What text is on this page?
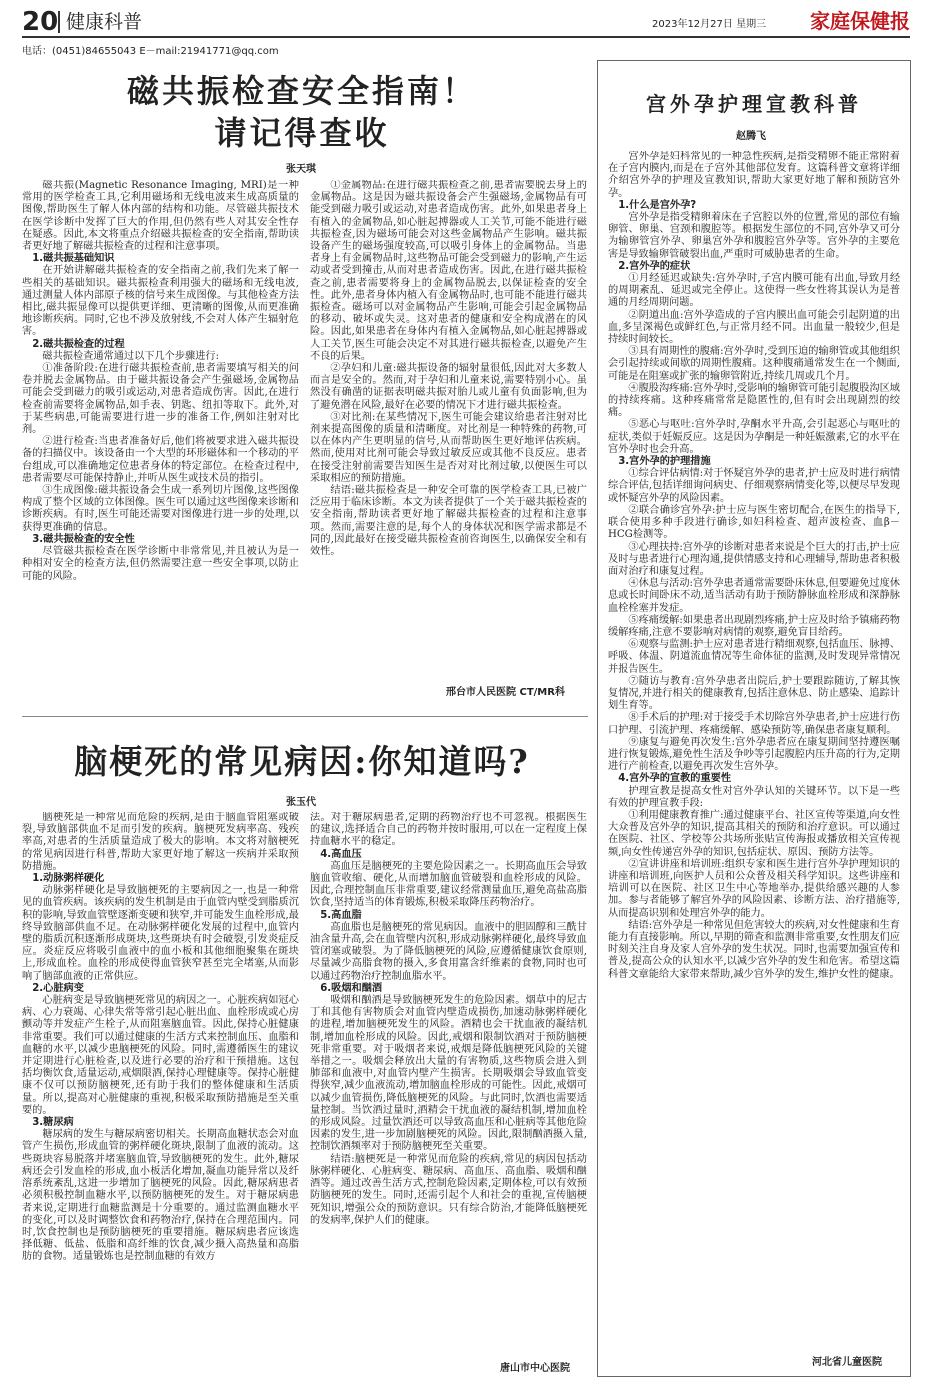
20 健康科普	2023年12月27日 星期三 家庭保健报
电话：(0451)84655043 E－mail:21941771@qq.com
磁共振检查安全指南！
请记得查收
张天琪

磁共振(Magnetic Resonance Imaging, MRI)是一种常用的医学检查工具,它利用磁场和无线电波来生成高质量的图像,帮助医生了解人体内部的结构和功能。尽管磁共振技术在医学诊断中发挥了巨大的作用,但仍然有些人对其安全性存在疑惑。因此,本文将重点介绍磁共振检查的安全指南,帮助读者更好地了解磁共振检查的过程和注意事项。

1.磁共振基础知识

在开始讲解磁共振检查的安全指南之前,我们先来了解一些相关的基础知识。磁共振检查利用强大的磁场和无线电波,通过测量人体内部原子核的信号来生成图像。与其他检查方法相比,磁共振显像可以提供更详细、更清晰的图像,从而更准确地诊断疾病。同时,它也不涉及放射线,不会对人体产生辐射危害。

2.磁共振检查的过程

磁共振检查通常通过以下几个步骤进行:

①准备阶段:在进行磁共振检查前,患者需要填写相关的问卷并脱去金属物品。由于磁共振设备会产生强磁场,金属物品可能会受到磁力的吸引或运动,对患者造成伤害。因此,在进行检查前需要将金属物品,如手表、钥匙、纽扣等取下。此外,对于某些病患,可能需要进行进一步的准备工作,例如注射对比剂。

②进行检查:当患者准备好后,他们将被要求进入磁共振设备的扫描仪中。该设备由一个大型的环形磁体和一个移动的平台组成,可以准确地定位患者身体的特定部位。在检查过程中,患者需要尽可能保持静止,并听从医生或技术员的指引。

③生成图像:磁共振设备会生成一系列切片图像,这些图像构成了整个区域的立体图像。医生可以通过这些图像来诊断和诊断疾病。有时,医生可能还需要对图像进行进一步的处理,以获得更准确的信息。

3.磁共振检查的安全性

尽管磁共振检查在医学诊断中非常常见,并且被认为是一种相对安全的检查方法,但仍然需要注意一些安全事项,以防止可能的风险。

①金属物品:在进行磁共振检查之前,患者需要脱去身上的金属物品。这是因为磁共振设备会产生强磁场,金属物品有可能受到磁力吸引或运动,对患者造成伤害。此外,如果患者身上有植入的金属物品,如心脏起搏器或人工关节,可能不能进行磁共振检查,因为磁场可能会对这些金属物品产生影响。磁共振设备产生的磁场强度较高,可以吸引身体上的金属物品。当患者身上有金属物品时,这些物品可能会受到磁力的影响,产生运动或者受到撞击,从而对患者造成伤害。因此,在进行磁共振检查之前,患者需要将身上的金属物品脱去,以保证检查的安全性。此外,患者身体内植入有金属物品时,也可能不能进行磁共振检查。磁场可以对金属物品产生影响,可能会引起金属物品的移动、破坏或失灵。这对患者的健康和安全构成潜在的风险。因此,如果患者在身体内有植入金属物品,如心脏起搏器或人工关节,医生可能会决定不对其进行磁共振检查,以避免产生不良的后果。

②孕妇和儿童:磁共振设备的辐射量很低,因此对大多数人而言是安全的。然而,对于孕妇和儿童来说,需要特别小心。虽然没有确凿的证据表明磁共振对胎儿或儿童有负面影响,但为了避免潜在风险,最好在必要的情况下才进行磁共振检查。

③对比剂:在某些情况下,医生可能会建议给患者注射对比剂来提高图像的质量和清晰度。对比剂是一种特殊的药物,可以在体内产生更明显的信号,从而帮助医生更好地评估疾病。然而,使用对比剂可能会导致过敏反应或其他不良反应。患者在接受注射前需要告知医生是否对对比剂过敏,以便医生可以采取相应的预防措施。

结语:磁共振检查是一种安全可靠的医学检查工具,已被广泛应用于临床诊断。本文为读者提供了一个关于磁共振检查的安全指南,帮助读者更好地了解磁共振检查的过程和注意事项。然而,需要注意的是,每个人的身体状况和医学需求都是不同的,因此最好在接受磁共振检查前咨询医生,以确保安全和有效性。

邢台市人民医院 CT/MR科
脑梗死的常见病因:你知道吗?
张玉代

脑梗死是一种常见而危险的疾病,是由于脑血管阻塞或破裂,导致脑部供血不足而引发的疾病。脑梗死发病率高、残疾率高,对患者的生活质量造成了极大的影响。本文将对脑梗死的常见病因进行科普,帮助大家更好地了解这一疾病并采取预防措施。

1.动脉粥样硬化

动脉粥样硬化是导致脑梗死的主要病因之一,也是一种常见的血管疾病。该疾病的发生机制是由于血管内壁受到脂质沉积的影响,导致血管壁逐渐变硬和狭窄,并可能发生血栓形成,最终导致脑部供血不足。在动脉粥样硬化发展的过程中,血管内壁的脂质沉积逐渐形成斑块,这些斑块有时会破裂,引发炎症反应。炎症反应将吸引血液中的血小板和其他细胞聚集在斑块上,形成血栓。血栓的形成使得血管狭窄甚至完全堵塞,从而影响了脑部血液的正常供应。

2.心脏病变

心脏病变是导致脑梗死常见的病因之一。心脏疾病如冠心病、心力衰竭、心律失常等常引起心脏出血、血栓形成或心房颤动等并发症产生栓子,从而阻塞脑血管。因此,保持心脏健康非常重要。我们可以通过健康的生活方式来控制血压、血脂和血糖的水平,以减少患脑梗死的风险。同时,需遵循医生的建议并定期进行心脏检查,以及进行必要的治疗和干预措施。这包括均衡饮食,适量运动,戒烟限酒,保持心理健康等。保持心脏健康不仅可以预防脑梗死,还有助于我们的整体健康和生活质量。所以,提高对心脏健康的重视,积极采取预防措施是至关重要的。

3.糖尿病

糖尿病的发生与糖尿病密切相关。长期高血糖状态会对血管产生损伤,形成血管的粥样硬化斑块,限制了血液的流动。这些斑块容易脱落并堵塞脑血管,导致脑梗死的发生。此外,糖尿病还会引发血栓的形成,血小板活化增加,凝血功能异常以及纤溶系统紊乱,这进一步增加了脑梗死的风险。因此,糖尿病患者必须积极控制血糖水平,以预防脑梗死的发生。对于糖尿病患者来说,定期进行血糖监测是十分重要的。通过监测血糖水平的变化,可以及时调整饮食和药物治疗,保持在合理范围内。同时,饮食控制也是预防脑梗死的重要措施。糖尿病患者应该选择低糖、低盐、低脂和高纤维的饮食,减少摄入高热量和高脂肪的食物。适量锻炼也是控制血糖的有效方

法。对于糖尿病患者,定期的药物治疗也不可忽视。根据医生的建议,选择适合自己的药物并按时服用,可以在一定程度上保持血糖水平的稳定。

4.高血压

高血压是脑梗死的主要危险因素之一。长期高血压会导致脑血管收缩、硬化,从而增加脑血管破裂和血栓形成的风险。因此,合理控制血压非常重要,建议经常测量血压,避免高盐高脂饮食,坚持适当的体育锻炼,积极采取降压药物治疗。

5.高血脂

高血脂也是脑梗死的常见病因。血液中的胆固醇和三酰甘油含量升高,会在血管壁内沉积,形成动脉粥样硬化,最终导致血管闭塞或破裂。为了降低脑梗死的风险,应遵循健康饮食原则,尽量减少高脂食物的摄入,多食用富含纤维素的食物,同时也可以通过药物治疗控制血脂水平。

6.吸烟和酗酒

吸烟和酗酒是导致脑梗死发生的危险因素。烟草中的尼古丁和其他有害物质会对血管内壁造成损伤,加速动脉粥样硬化的进程,增加脑梗死发生的风险。酒精也会干扰血液的凝结机制,增加血栓形成的风险。因此,戒烟和限制饮酒对于预防脑梗死非常重要。对于吸烟者来说,戒烟是降低脑梗死风险的关键举措之一。吸烟会释放出大量的有害物质,这些物质会进入到肺部和血液中,对血管内壁产生损害。长期吸烟会导致血管变得狭窄,减少血液流动,增加脑血栓形成的可能性。因此,戒烟可以减少血管损伤,降低脑梗死的风险。与此同时,饮酒也需要适量控制。当饮酒过量时,酒精会干扰血液的凝结机制,增加血栓的形成风险。过量饮酒还可以导致高血压和心脏病等其他危险因素的发生,进一步加剧脑梗死的风险。因此,限制酗酒摄入量,控制饮酒频率对于预防脑梗死至关重要。

结语:脑梗死是一种常见而危险的疾病,常见的病因包括动脉粥样硬化、心脏病变、糖尿病、高血压、高血脂、吸烟和酗酒等。通过改善生活方式,控制危险因素,定期体检,可以有效预防脑梗死的发生。同时,还需引起个人和社会的重视,宣传脑梗死知识,增强公众的预防意识。只有综合防治,才能降低脑梗死的发病率,保护人们的健康。

唐山市中心医院
宫外孕护理宣教科普
赵腾飞

宫外孕是妇科常见的一种急性疾病,是指受精卵不能正常附着在子宫内膜内,而是在子宫外其他部位发育。这篇科普文章将详细介绍宫外孕的护理及宣教知识,帮助大家更好地了解和预防宫外孕。

1.什么是宫外孕?

宫外孕是指受精卵着床在子宫腔以外的位置,常见的部位有输卵管、卵巢、宫颈和腹腔等。根据发生部位的不同,宫外孕又可分为输卵管宫外孕、卵巢宫外孕和腹腔宫外孕等。宫外孕的主要危害是导致输卵管破裂出血,严重时可威胁患者的生命。

2.宫外孕的症状

①月经延迟或缺失:宫外孕时,子宫内膜可能有出血,导致月经的周期紊乱、延迟或完全停止。这使得一些女性将其误认为是普通的月经周期问题。

②阴道出血:宫外孕造成的子宫内膜出血可能会引起阴道的出血,多呈深褐色或鲜红色,与正常月经不同。出血量一般较少,但是持续时间较长。

③具有周期性的腹痛:宫外孕时,受到压迫的输卵管或其他组织会引起持续或间歇的周期性腹痛。这种腹痛通常发生在一个侧面,可能是在阻塞或扩张的输卵管附近,持续几周或几个月。

④腹股沟疼痛:宫外孕时,受影响的输卵管可能引起腹股沟区域的持续疼痛。这种疼痛常常是隐匿性的,但有时会出现剧烈的绞痛。

⑤恶心与呕吐:宫外孕时,孕酮水平升高,会引起恶心与呕吐的症状,类似于妊娠反应。这是因为孕酮是一种妊娠激素,它的水平在宫外孕时也会升高。

3.宫外孕的护理措施

①综合评估病情:对于怀疑宫外孕的患者,护士应及时进行病情综合评估,包括详细询问病史、仔细观察病情变化等,以便尽早发现或怀疑宫外孕的风险因素。

②联合确诊宫外孕:护士应与医生密切配合,在医生的指导下,联合使用多种手段进行确诊,如妇科检查、超声波检查、血β－HCG检测等。

③心理扶持:宫外孕的诊断对患者来说是个巨大的打击,护士应及时与患者进行心理沟通,提供情感支持和心理辅导,帮助患者积极面对治疗和康复过程。

④休息与活动:宫外孕患者通常需要卧床休息,但要避免过度休息或长时间卧床不动,适当活动有助于预防静脉血栓形成和深静脉血栓栓塞并发症。

⑤疼痛缓解:如果患者出现剧烈疼痛,护士应及时给予镇痛药物缓解疼痛,注意不要影响对病情的观察,避免盲目给药。

⑥观察与监测:护士应对患者进行精细观察,包括血压、脉搏、呼吸、体温、阴道流血情况等生命体征的监测,及时发现异常情况并报告医生。

⑦随访与教育:宫外孕患者出院后,护士要跟踪随访,了解其恢复情况,并进行相关的健康教育,包括注意休息、防止感染、追踪计划生育等。

⑧手术后的护理:对于接受手术切除宫外孕患者,护士应进行伤口护理、引流护理、疼痛缓解、感染预防等,确保患者康复顺利。

⑨康复与避免再次发生:宫外孕患者应在康复期间坚持遵医嘱进行恢复锻炼,避免性生活及争吵等引起腹腔内压升高的行为,定期进行产前检查,以避免再次发生宫外孕。

4.宫外孕的宣教的重要性

护理宣教是提高女性对宫外孕认知的关键环节。以下是一些有效的护理宣教手段:

①利用健康教育推广:通过健康平台、社区宣传等渠道,向女性大众普及宫外孕的知识,提高其相关的预防和治疗意识。可以通过在医院、社区、学校等公共场所张贴宣传海报或播放相关宣传视频,向女性传递宫外孕的知识,包括症状、原因、预防方法等。

②宣讲讲座和培训班:组织专家和医生进行宫外孕护理知识的讲座和培训班,向医护人员和公众普及相关科学知识。这些讲座和培训可以在医院、社区卫生中心等地举办,提供给感兴趣的人参加。参与者能够了解宫外孕的风险因素、诊断方法、治疗措施等,从而提高识别和处理宫外孕的能力。

结语:宫外孕是一种常见但危害较大的疾病,对女性健康和生育能力有直接影响。所以,早期的筛查和监测非常重要,女性朋友们应时刻关注自身及家人宫外孕的发生状况。同时,也需要加强宣传和普及,提高公众的认知水平,以减少宫外孕的发生和危害。希望这篇科普文章能给大家带来帮助,减少宫外孕的发生,维护女性的健康。

河北省儿童医院
